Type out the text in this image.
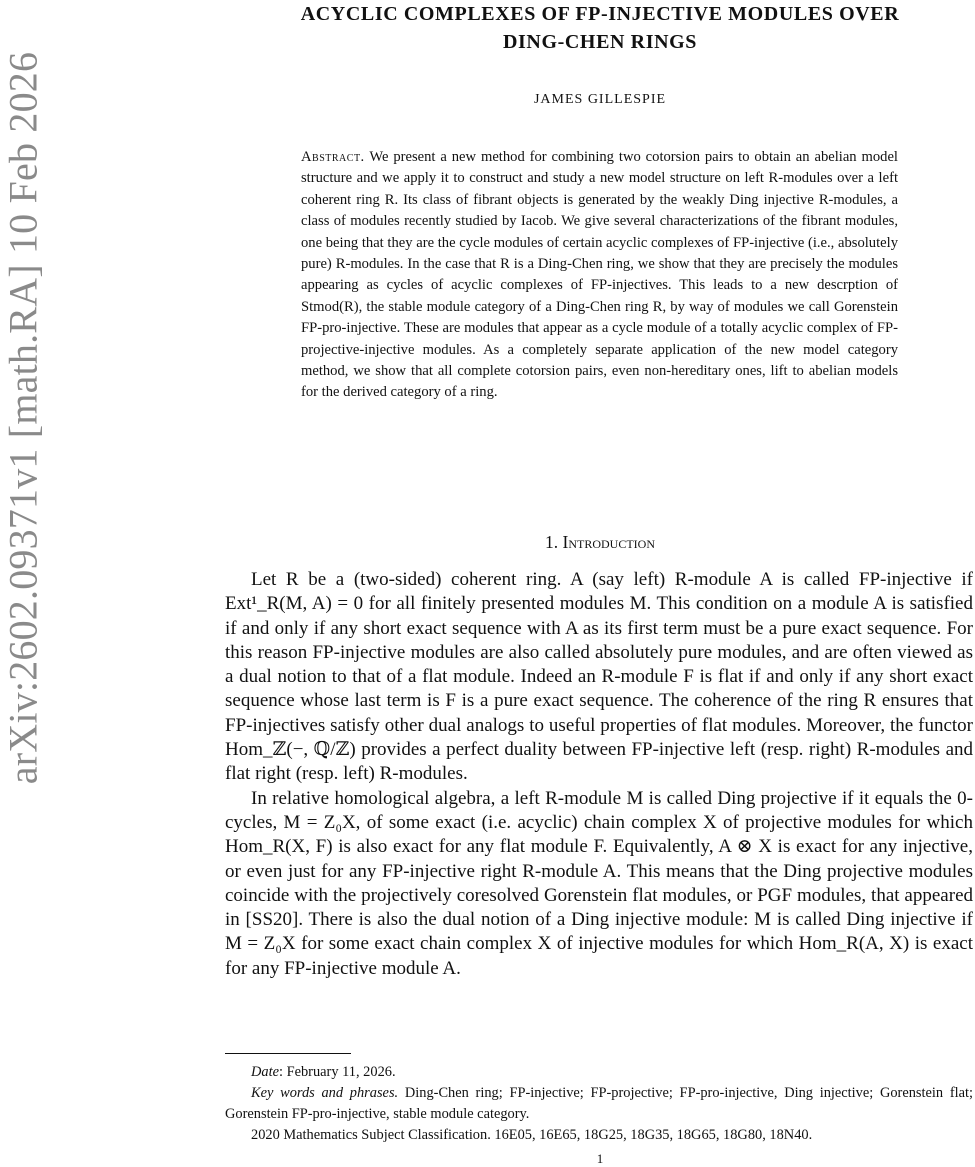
arXiv:2602.09371v1 [math.RA] 10 Feb 2026
ACYCLIC COMPLEXES OF FP-INJECTIVE MODULES OVER
DING-CHEN RINGS
JAMES GILLESPIE
Abstract. We present a new method for combining two cotorsion pairs to obtain an abelian model structure and we apply it to construct and study a new model structure on left R-modules over a left coherent ring R. Its class of fibrant objects is generated by the weakly Ding injective R-modules, a class of modules recently studied by Iacob. We give several characterizations of the fibrant modules, one being that they are the cycle modules of certain acyclic complexes of FP-injective (i.e., absolutely pure) R-modules. In the case that R is a Ding-Chen ring, we show that they are precisely the modules appearing as cycles of acyclic complexes of FP-injectives. This leads to a new descrption of Stmod(R), the stable module category of a Ding-Chen ring R, by way of modules we call Gorenstein FP-pro-injective. These are modules that appear as a cycle module of a totally acyclic complex of FP-projective-injective modules. As a completely separate application of the new model category method, we show that all complete cotorsion pairs, even non-hereditary ones, lift to abelian models for the derived category of a ring.
1. Introduction

Let R be a (two-sided) coherent ring. A (say left) R-module A is called FP-injective if Ext¹_R(M, A) = 0 for all finitely presented modules M. This condition on a module A is satisfied if and only if any short exact sequence with A as its first term must be a pure exact sequence. For this reason FP-injective modules are also called absolutely pure modules, and are often viewed as a dual notion to that of a flat module. Indeed an R-module F is flat if and only if any short exact sequence whose last term is F is a pure exact sequence. The coherence of the ring R ensures that FP-injectives satisfy other dual analogs to useful properties of flat modules. Moreover, the functor Hom_ℤ(−, ℚ/ℤ) provides a perfect duality between FP-injective left (resp. right) R-modules and flat right (resp. left) R-modules.

In relative homological algebra, a left R-module M is called Ding projective if it equals the 0-cycles, M = Z₀X, of some exact (i.e. acyclic) chain complex X of projective modules for which Hom_R(X, F) is also exact for any flat module F. Equivalently, A ⊗ X is exact for any injective, or even just for any FP-injective right R-module A. This means that the Ding projective modules coincide with the projectively coresolved Gorenstein flat modules, or PGF modules, that appeared in [SS20]. There is also the dual notion of a Ding injective module: M is called Ding injective if M = Z₀X for some exact chain complex X of injective modules for which Hom_R(A, X) is exact for any FP-injective module A.

Date: February 11, 2026.

Key words and phrases. Ding-Chen ring; FP-injective; FP-projective; FP-pro-injective, Ding injective; Gorenstein flat; Gorenstein FP-pro-injective, stable module category.

2020 Mathematics Subject Classification. 16E05, 16E65, 18G25, 18G35, 18G65, 18G80, 18N40.

1
